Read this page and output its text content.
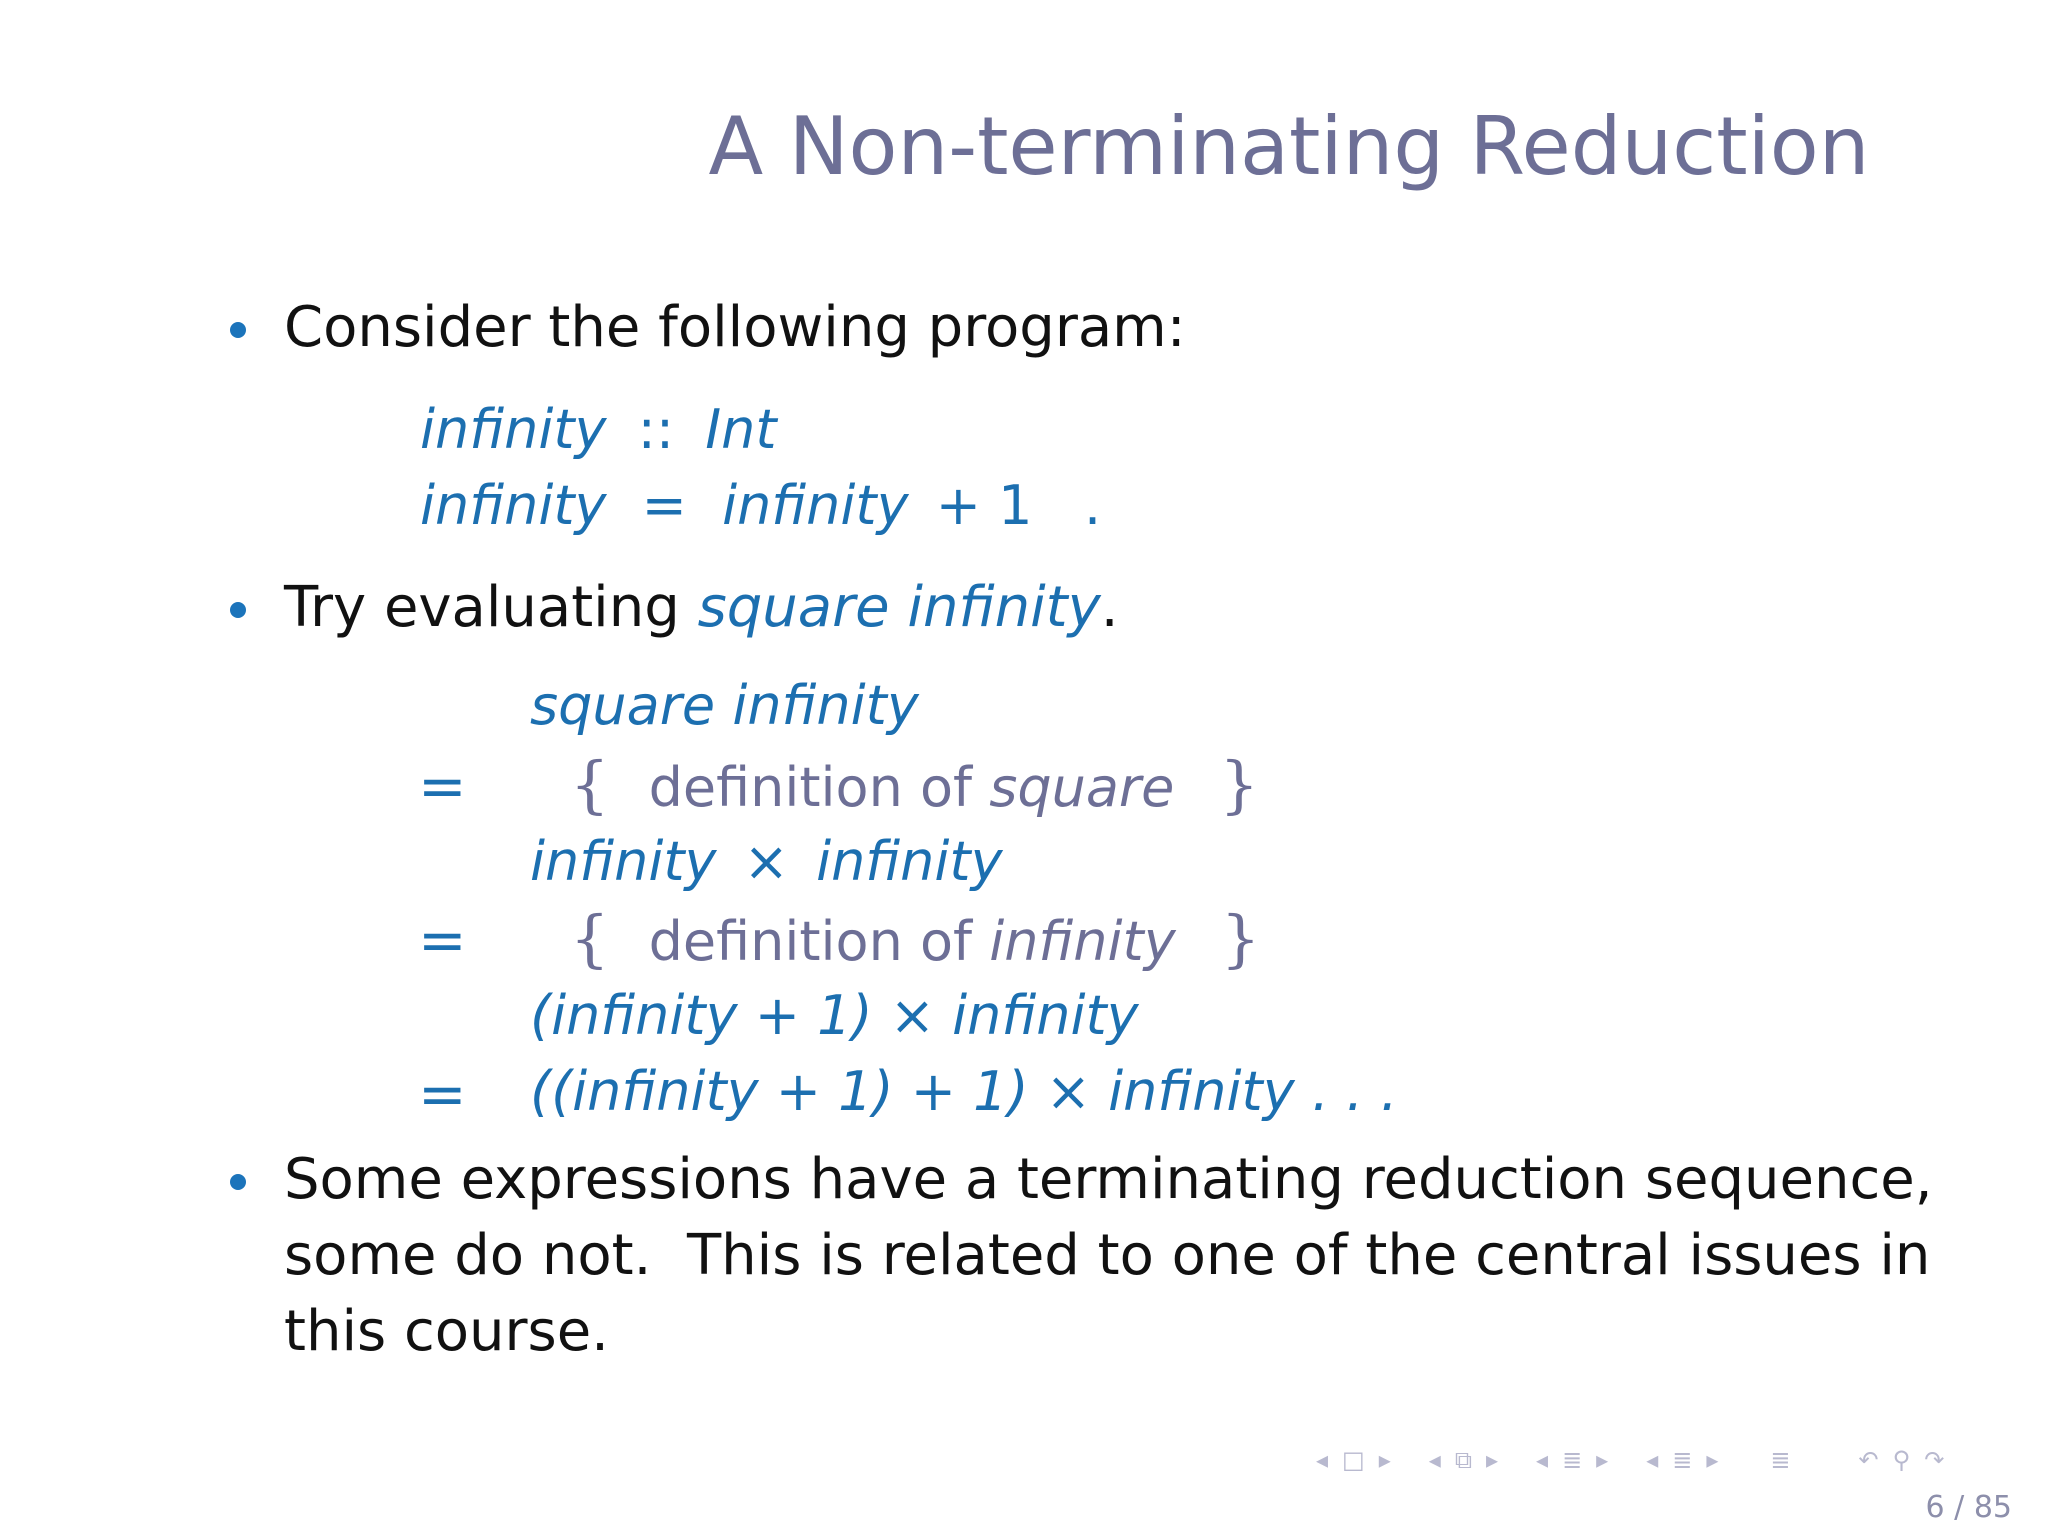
A Non-terminating Reduction
Consider the following program:
infinity :: Int
infinity = infinity + 1   .
Try evaluating square infinity.
square infinity
= { definition of square }
infinity × infinity
= { definition of infinity }
(infinity + 1) × infinity
= ((infinity + 1) + 1) × infinity . . .
Some expressions have a terminating reduction sequence,
some do not.  This is related to one of the central issues in
this course.
◂ □ ▸ ◂ ⧉ ▸ ◂ ≣ ▸ ◂ ≣ ▸ ≣	↶ ⚲ ↷
6 / 85
